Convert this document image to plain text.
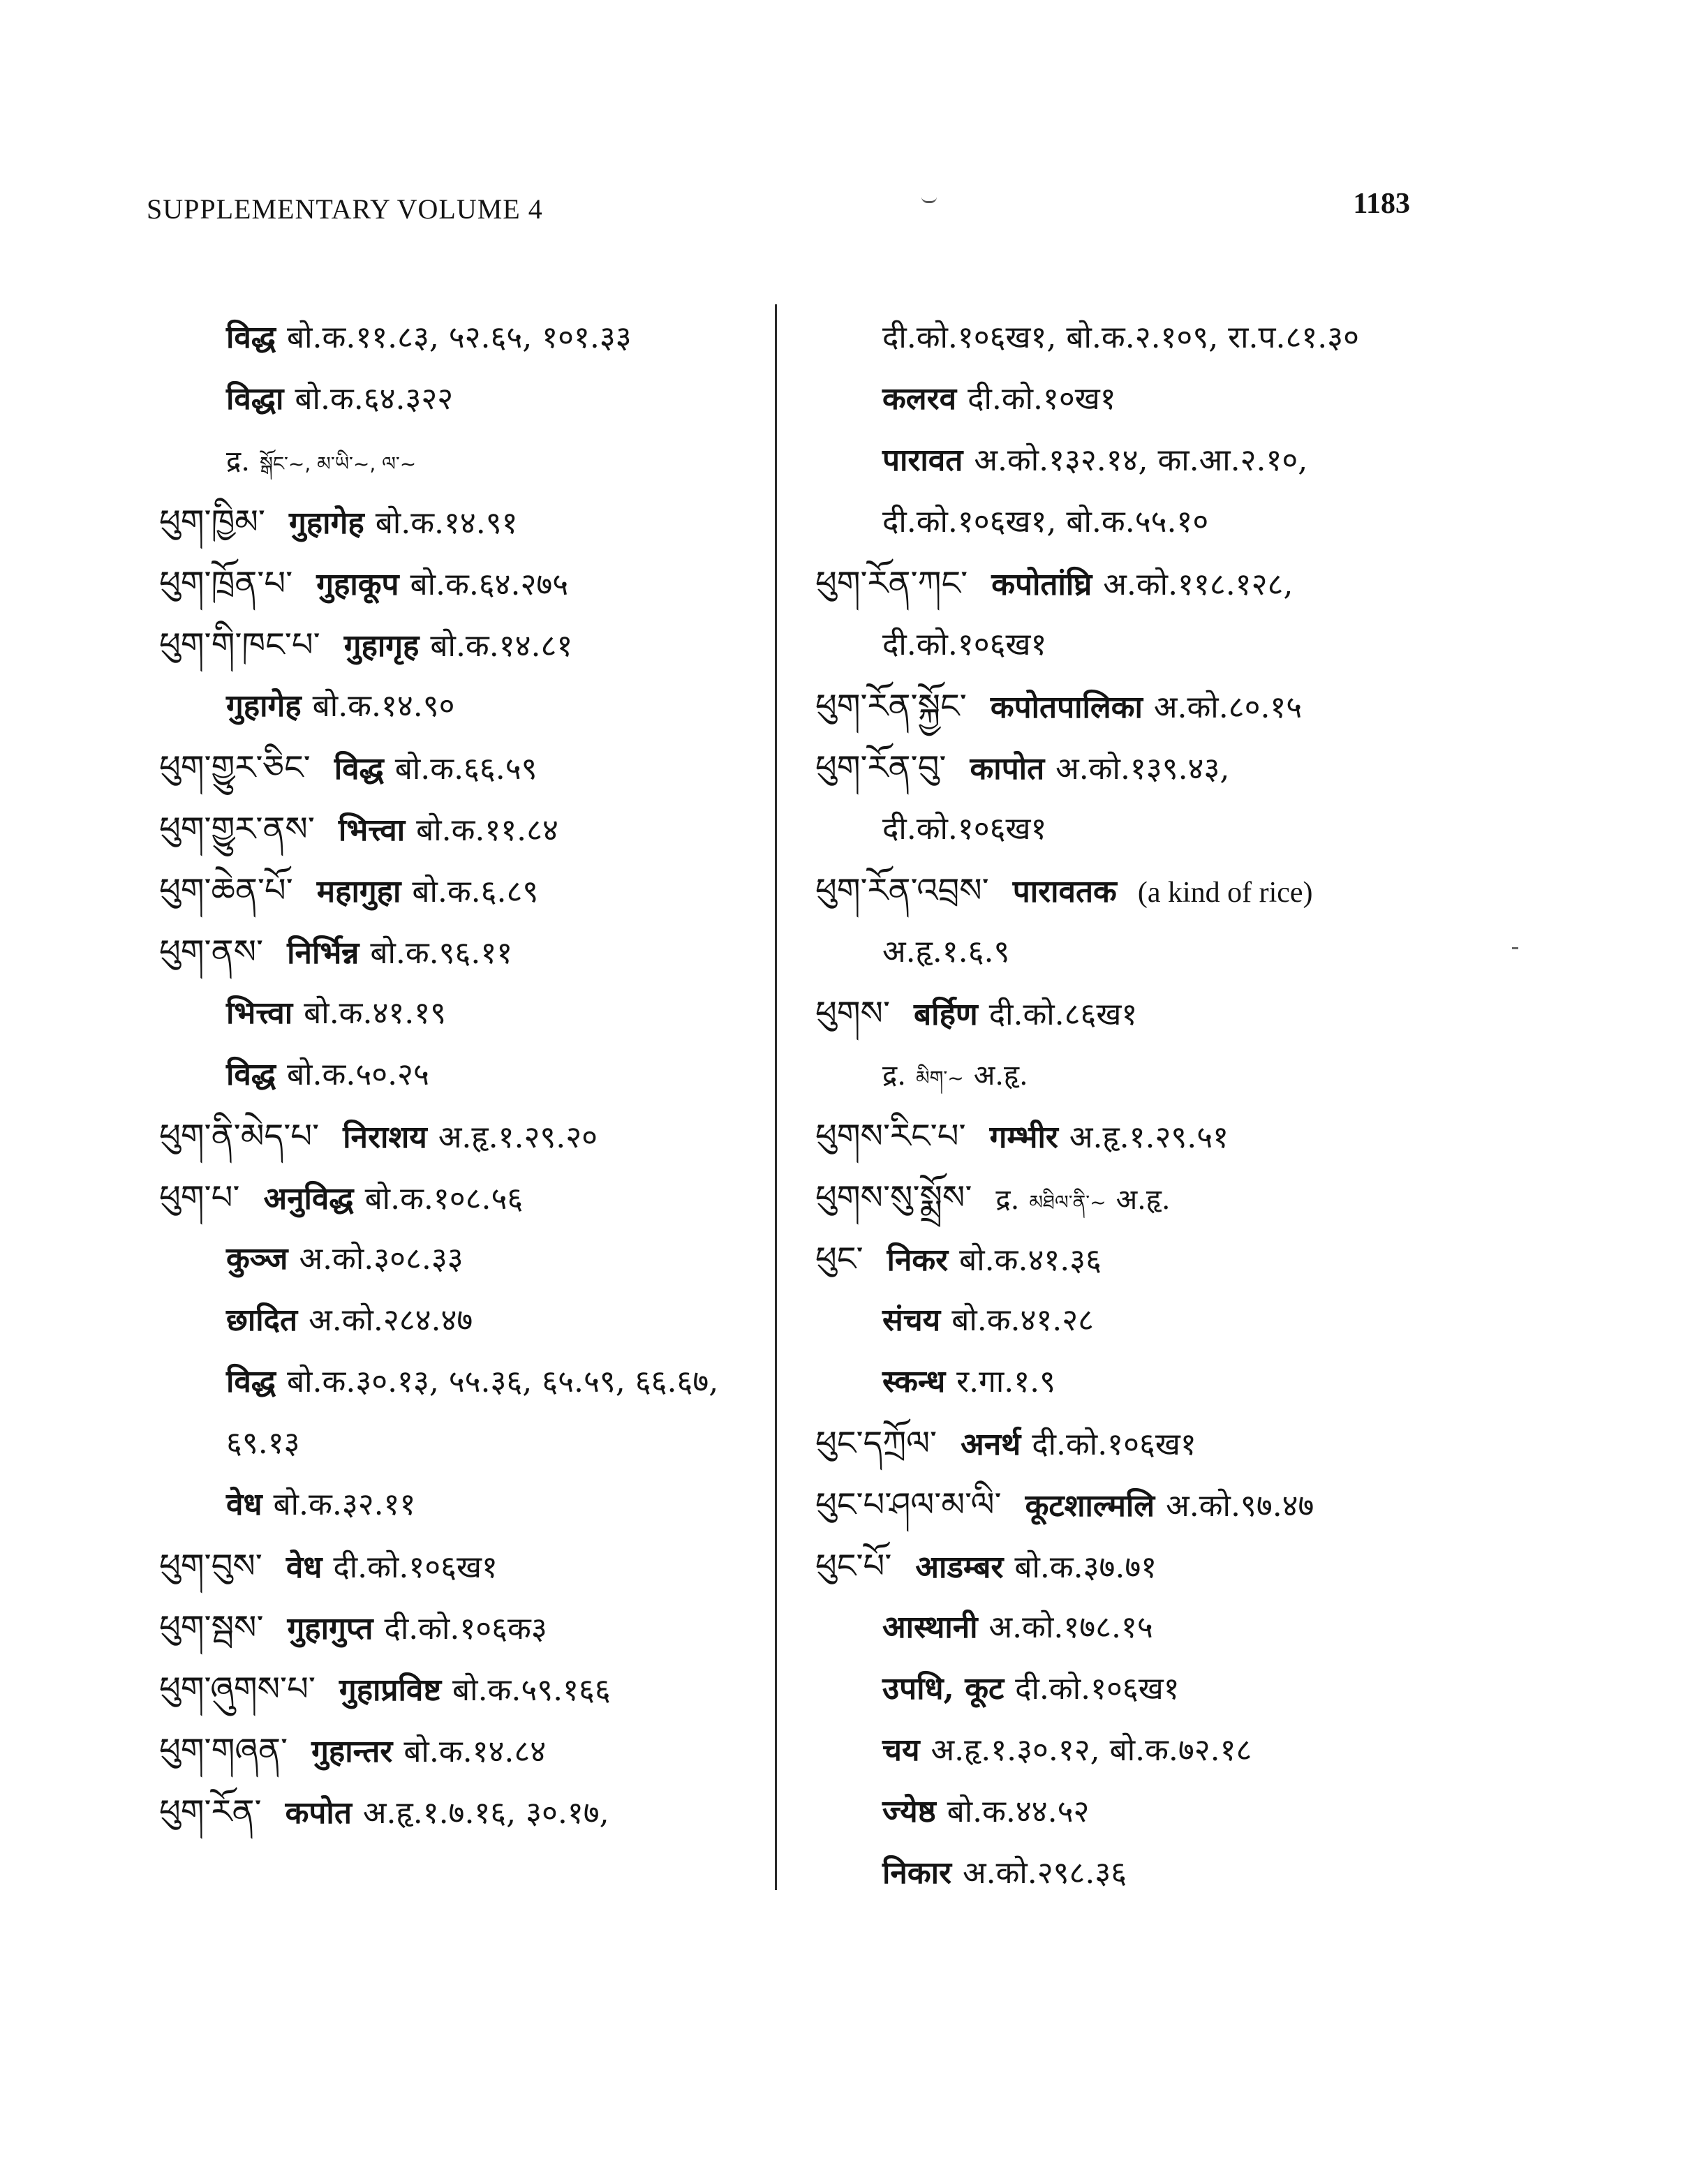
SUPPLEMENTARY VOLUME 4	1183
विद्ध बो.क.११.८३, ५२.६५, १०१.३३
विद्धा बो.क.६४.३२२
द्र. སྒོང་~, མ་ཡི་~, ལ་~
ཕུག་ཁྱིམ་ गुहागेह बो.क.१४.९१
ཕུག་ཁྲོན་པ་ गुहाकूप बो.क.६४.२७५
ཕུག་གི་ཁང་པ་ गुहागृह बो.क.१४.८१
गुहागेह बो.क.१४.९०
ཕུག་གྱུར་ཅིང་ विद्ध बो.क.६६.५९
ཕུག་གྱུར་ནས་ भित्त्वा बो.क.११.८४
ཕུག་ཆེན་པོ་ महागुहा बो.क.६.८९
ཕུག་ནས་ निर्भिन्न बो.क.९६.११
भित्त्वा बो.क.४१.१९
विद्ध बो.क.५०.२५
ཕུག་ནི་མེད་པ་ निराशय अ.हृ.१.२९.२०
ཕུག་པ་ अनुविद्ध बो.क.१०८.५६
कुञ्ज अ.को.३०८.३३
छादित अ.को.२८४.४७
विद्ध बो.क.३०.१३, ५५.३६, ६५.५९, ६६.६७,
६९.१३
वेध बो.क.३२.११
ཕུག་བུས་ वेध दी.को.१०६ख१
ཕུག་སྦས་ गुहागुप्त दी.को.१०६क३
ཕུག་ཞུགས་པ་ गुहाप्रविष्ट बो.क.५९.१६६
ཕུག་གཞན་ गुहान्तर बो.क.१४.८४
ཕུག་རོན་ कपोत अ.हृ.१.७.१६, ३०.१७,
दी.को.१०६ख१, बो.क.२.१०९, रा.प.८१.३०
कलरव दी.को.१०ख१
पारावत अ.को.१३२.१४, का.आ.२.१०,
दी.को.१०६ख१, बो.क.५५.१०
ཕུག་རོན་ཀང་ कपोतांघ्रि अ.को.११८.१२८,
दी.को.१०६ख१
ཕུག་རོན་སྐྱོང་ कपोतपालिका अ.को.८०.१५
ཕུག་རོན་བུ་ कापोत अ.को.१३९.४३,
दी.को.१०६ख१
ཕུག་རོན་འབྲས་ पारावतक (a kind of rice)
अ.हृ.१.६.९
ཕུགས་ बर्हिण दी.को.८६ख१
द्र. མིག་~ अ.हृ.
ཕུགས་རིང་པ་ गम्भीर अ.हृ.१.२९.५१
ཕུགས་སུ་སྨྲོས་ द्र. མཐིལ་ནི་~ अ.हृ.
ཕུང་ निकर बो.क.४१.३६
संचय बो.क.४१.२८
स्कन्ध र.गा.१.९
ཕུང་དཀྲོལ་ अनर्थ दी.को.१०६ख१
ཕུང་པ་ཤལ་མ་ལི་ कूटशाल्मलि अ.को.९७.४७
ཕུང་པོ་ आडम्बर बो.क.३७.७१
आस्थानी अ.को.१७८.१५
उपधि, कूट दी.को.१०६ख१
चय अ.हृ.१.३०.१२, बो.क.७२.१८
ज्येष्ठ बो.क.४४.५२
निकार अ.को.२९८.३६
